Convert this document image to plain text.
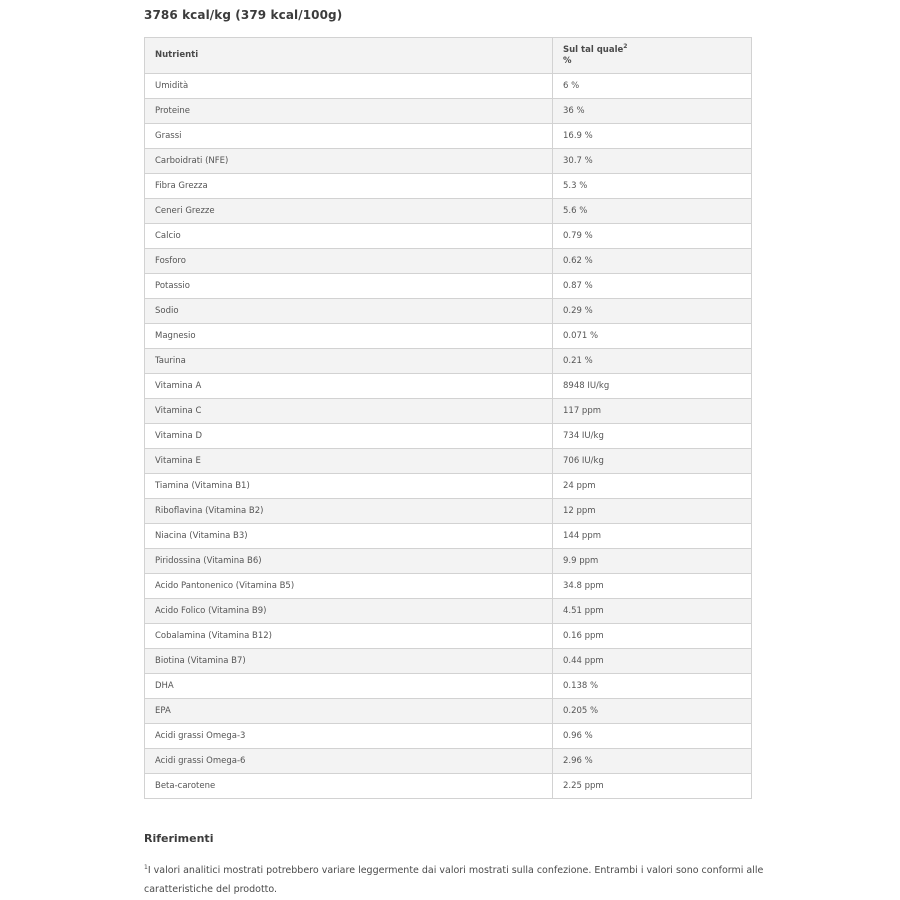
3786 kcal/kg (379 kcal/100g)
Nutrienti	Sul tal quale$^2$
%

Umidità	6 %
Proteine	36 %
Grassi	16.9 %
Carboidrati (NFE)	30.7 %
Fibra Grezza	5.3 %
Ceneri Grezze	5.6 %
Calcio	0.79 %
Fosforo	0.62 %
Potassio	0.87 %
Sodio	0.29 %
Magnesio	0.071 %
Taurina	0.21 %
Vitamina A	8948 IU/kg
Vitamina C	117 ppm
Vitamina D	734 IU/kg
Vitamina E	706 IU/kg
Tiamina (Vitamina B1)	24 ppm
Riboflavina (Vitamina B2)	12 ppm
Niacina (Vitamina B3)	144 ppm
Piridossina (Vitamina B6)	9.9 ppm
Acido Pantonenico (Vitamina B5)	34.8 ppm
Acido Folico (Vitamina B9)	4.51 ppm
Cobalamina (Vitamina B12)	0.16 ppm
Biotina (Vitamina B7)	0.44 ppm
DHA	0.138 %
EPA	0.205 %
Acidi grassi Omega-3	0.96 %
Acidi grassi Omega-6	2.96 %
Beta-carotene	2.25 ppm
Riferimenti
$^1$I valori analitici mostrati potrebbero variare leggermente dai valori mostrati sulla confezione. Entrambi i valori sono conformi alle caratteristiche del prodotto.
